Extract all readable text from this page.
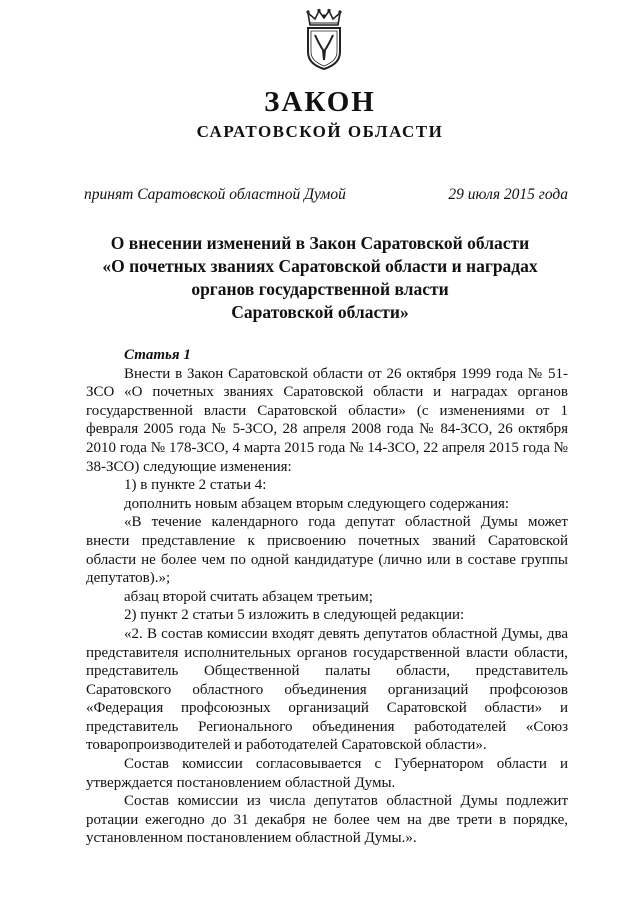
ЗАКОН
САРАТОВСКОЙ ОБЛАСТИ
принят Саратовской областной Думой	29 июля 2015 года
О внесении изменений в Закон Саратовской области
«О почетных званиях Саратовской области и наградах
органов государственной власти
Саратовской области»
Статья 1

Внести в Закон Саратовской области от 26 октября 1999 года № 51-ЗСО «О почетных званиях Саратовской области и наградах органов государственной власти Саратовской области» (с изменениями от 1 февраля 2005 года № 5-ЗСО, 28 апреля 2008 года № 84-ЗСО, 26 октября 2010 года № 178-ЗСО, 4 марта 2015 года № 14-ЗСО, 22 апреля 2015 года № 38-ЗСО) следующие изменения:

1) в пункте 2 статьи 4:

дополнить новым абзацем вторым следующего содержания:

«В течение календарного года депутат областной Думы может внести представление к присвоению почетных званий Саратовской области не более чем по одной кандидатуре (лично или в составе группы депутатов).»;

абзац второй считать абзацем третьим;

2) пункт 2 статьи 5 изложить в следующей редакции:

«2. В состав комиссии входят девять депутатов областной Думы, два представителя исполнительных органов государственной власти области, представитель Общественной палаты области, представитель Саратовского областного объединения организаций профсоюзов «Федерация профсоюзных организаций Саратовской области» и представитель Регионального объединения работодателей «Союз товаропроизводителей и работодателей Саратовской области».

Состав комиссии согласовывается с Губернатором области и утверждается постановлением областной Думы.

Состав комиссии из числа депутатов областной Думы подлежит ротации ежегодно до 31 декабря не более чем на две трети в порядке, установленном постановлением областной Думы.».
